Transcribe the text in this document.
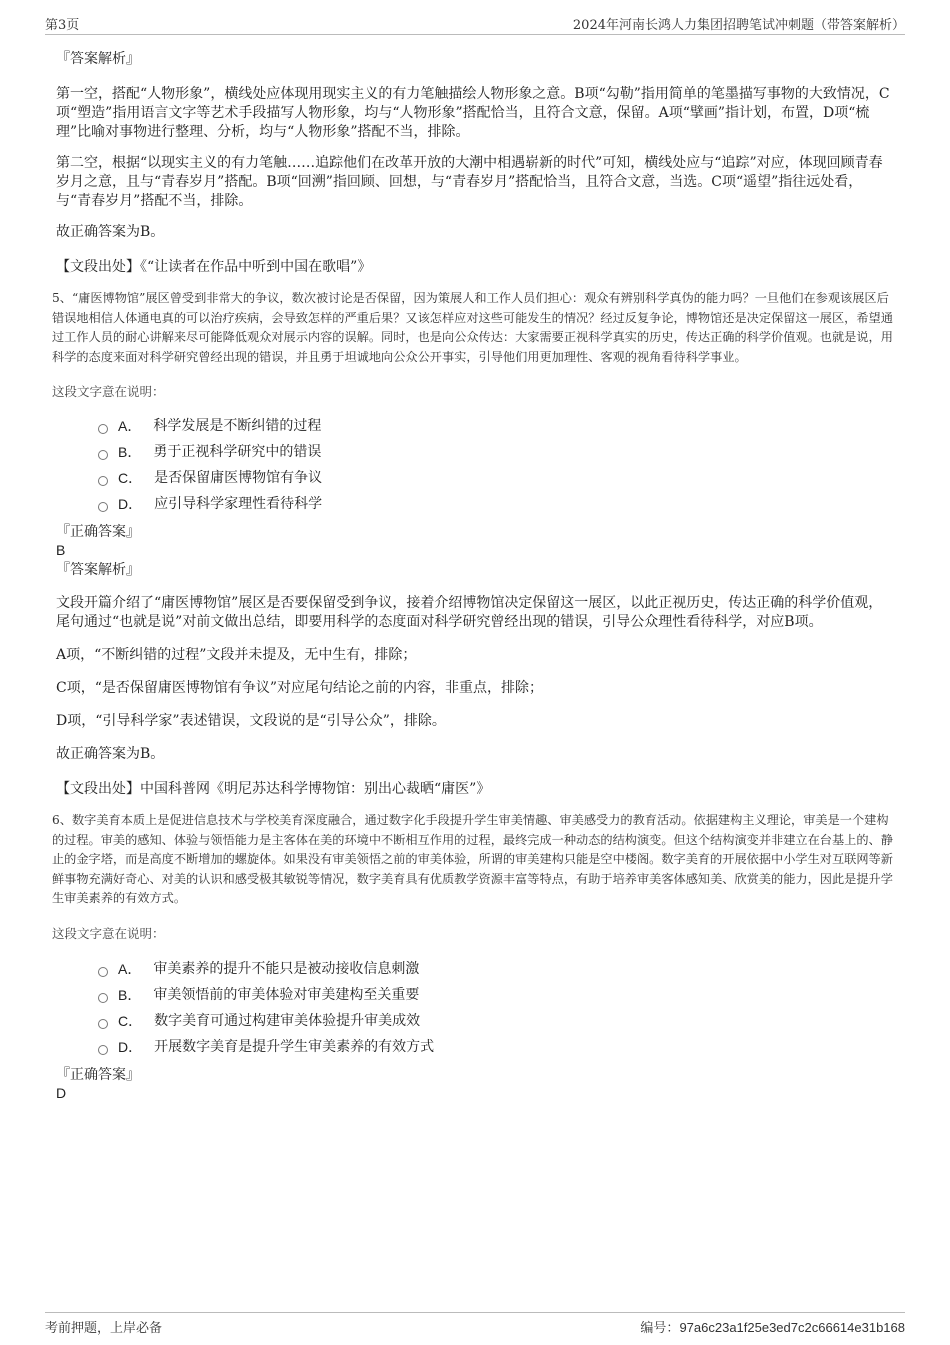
第3页	2024年河南长鸿人力集团招聘笔试冲刺题（带答案解析）

『答案解析』

第一空，搭配“人物形象”，横线处应体现用现实主义的有力笔触描绘人物形象之意。B项“勾勒”指用简单的笔墨描写事物的大致情况，C项“塑造”指用语言文字等艺术手段描写人物形象，均与“人物形象”搭配恰当，且符合文意，保留。A项“擘画”指计划，布置，D项“梳理”比喻对事物进行整理、分析，均与“人物形象”搭配不当，排除。

第二空，根据“以现实主义的有力笔触……追踪他们在改革开放的大潮中相遇崭新的时代”可知，横线处应与“追踪”对应，体现回顾青春岁月之意，且与“青春岁月”搭配。B项“回溯”指回顾、回想，与“青春岁月”搭配恰当，且符合文意，当选。C项“遥望”指往远处看，与“青春岁月”搭配不当，排除。

故正确答案为B。

【文段出处】《“让读者在作品中听到中国在歌唱”》

5、“庸医博物馆”展区曾受到非常大的争议，数次被讨论是否保留，因为策展人和工作人员们担心：观众有辨别科学真伪的能力吗？一旦他们在参观该展区后错误地相信人体通电真的可以治疗疾病，会导致怎样的严重后果？又该怎样应对这些可能发生的情况？经过反复争论，博物馆还是决定保留这一展区，希望通过工作人员的耐心讲解来尽可能降低观众对展示内容的误解。同时，也是向公众传达：大家需要正视科学真实的历史，传达正确的科学价值观。也就是说，用科学的态度来面对科学研究曾经出现的错误，并且勇于坦诚地向公众公开事实，引导他们用更加理性、客观的视角看待科学事业。

这段文字意在说明：

A． 科学发展是不断纠错的过程
B． 勇于正视科学研究中的错误
C． 是否保留庸医博物馆有争议
D． 应引导科学家理性看待科学

『正确答案』

B

『答案解析』

文段开篇介绍了“庸医博物馆”展区是否要保留受到争议，接着介绍博物馆决定保留这一展区，以此正视历史，传达正确的科学价值观，尾句通过“也就是说”对前文做出总结，即要用科学的态度面对科学研究曾经出现的错误，引导公众理性看待科学，对应B项。

A项，“不断纠错的过程”文段并未提及，无中生有，排除；

C项，“是否保留庸医博物馆有争议”对应尾句结论之前的内容，非重点，排除；

D项，“引导科学家”表述错误，文段说的是“引导公众”，排除。

故正确答案为B。

【文段出处】中国科普网《明尼苏达科学博物馆：别出心裁晒“庸医”》

6、数字美育本质上是促进信息技术与学校美育深度融合，通过数字化手段提升学生审美情趣、审美感受力的教育活动。依据建构主义理论，审美是一个建构的过程。审美的感知、体验与领悟能力是主客体在美的环境中不断相互作用的过程，最终完成一种动态的结构演变。但这个结构演变并非建立在台基上的、静止的金字塔，而是高度不断增加的螺旋体。如果没有审美领悟之前的审美体验，所谓的审美建构只能是空中楼阁。数字美育的开展依据中小学生对互联网等新鲜事物充满好奇心、对美的认识和感受极其敏锐等情况，数字美育具有优质教学资源丰富等特点，有助于培养审美客体感知美、欣赏美的能力，因此是提升学生审美素养的有效方式。

这段文字意在说明：

A． 审美素养的提升不能只是被动接收信息刺激
B． 审美领悟前的审美体验对审美建构至关重要
C． 数字美育可通过构建审美体验提升审美成效
D． 开展数字美育是提升学生审美素养的有效方式

『正确答案』

D

考前押题，上岸必备	编号：97a6c23a1f25e3ed7c2c66614e31b168
